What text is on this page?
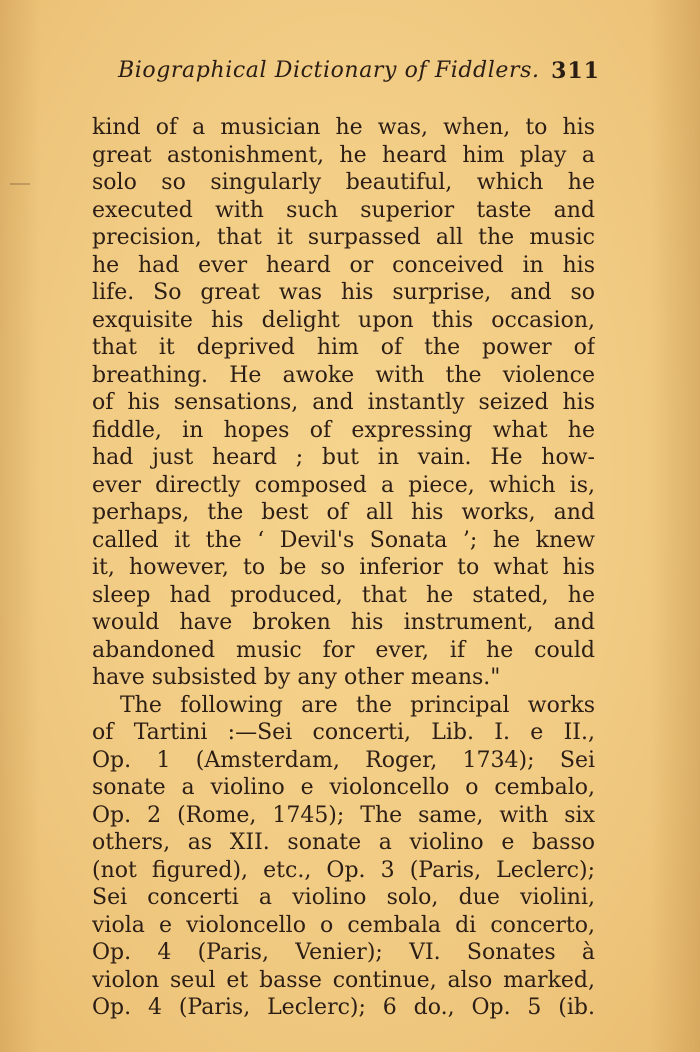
Biographical Dictionary of Fiddlers. 311
kind of a musician he was, when, to his
great astonishment, he heard him play a
solo so singularly beautiful, which he
executed with such superior taste and
precision, that it surpassed all the music
he had ever heard or conceived in his
life. So great was his surprise, and so
exquisite his delight upon this occasion,
that it deprived him of the power of
breathing. He awoke with the violence
of his sensations, and instantly seized his
fiddle, in hopes of expressing what he
had just heard ; but in vain. He how-
ever directly composed a piece, which is,
perhaps, the best of all his works, and
called it the ‘ Devil's Sonata ’; he knew
it, however, to be so inferior to what his
sleep had produced, that he stated, he
would have broken his instrument, and
abandoned music for ever, if he could
have subsisted by any other means."
The following are the principal works
of Tartini :—Sei concerti, Lib. I. e II.,
Op. 1 (Amsterdam, Roger, 1734); Sei
sonate a violino e violoncello o cembalo,
Op. 2 (Rome, 1745); The same, with six
others, as XII. sonate a violino e basso
(not figured), etc., Op. 3 (Paris, Leclerc);
Sei concerti a violino solo, due violini,
viola e violoncello o cembala di concerto,
Op. 4 (Paris, Venier); VI. Sonates à
violon seul et basse continue, also marked,
Op. 4 (Paris, Leclerc); 6 do., Op. 5 (ib.
